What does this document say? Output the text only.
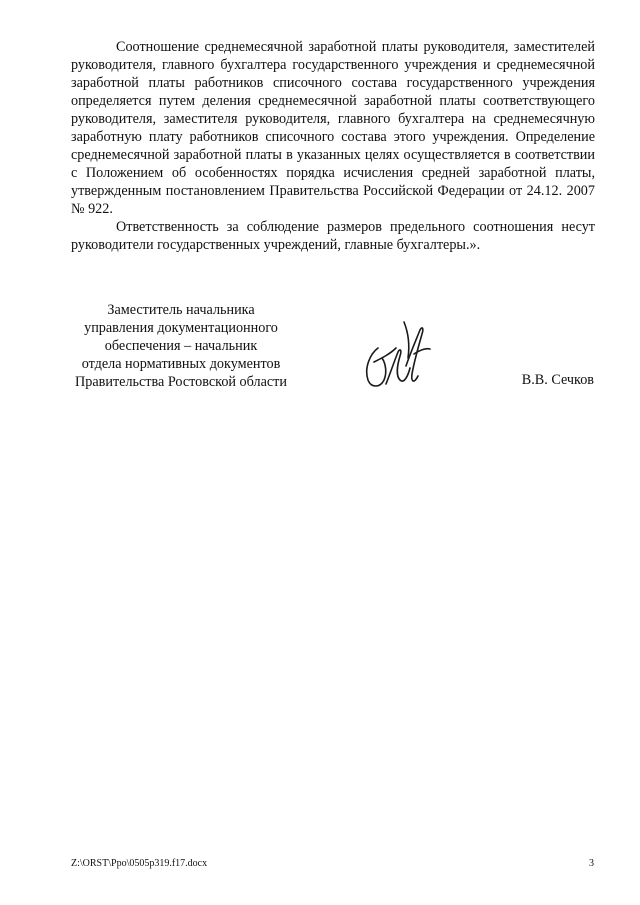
Соотношение среднемесячной заработной платы руководителя, заместителей руководителя, главного бухгалтера государственного учреждения и среднемесячной заработной платы работников списочного состава государственного учреждения определяется путем деления среднемесячной заработной платы соответствующего руководителя, заместителя руководителя, главного бухгалтера на среднемесячную заработную плату работников списочного состава этого учреждения. Определение среднемесячной заработной платы в указанных целях осуществляется в соответствии с Положением об особенностях порядка исчисления средней заработной платы, утвержденным постановлением Правительства Российской Федерации от 24.12. 2007 № 922.

Ответственность за соблюдение размеров предельного соотношения несут руководители государственных учреждений, главные бухгалтеры.».

Заместитель начальника
управления документационного
обеспечения – начальник
отдела нормативных документов
Правительства Ростовской области	В.В. Сечков
Z:\ORST\Ppo\0505p319.f17.docx	3
